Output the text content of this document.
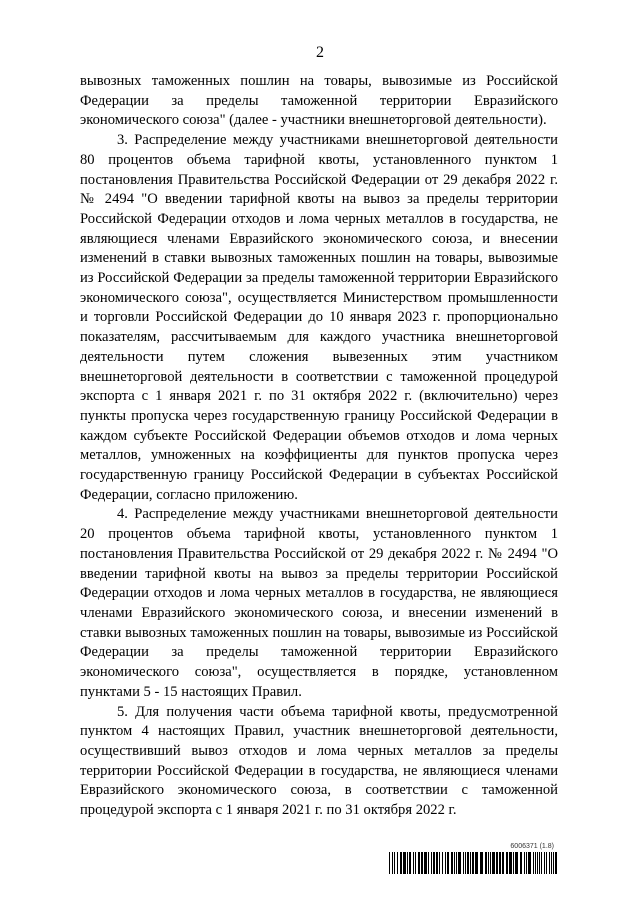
2

вывозных таможенных пошлин на товары, вывозимые из Российской Федерации за пределы таможенной территории Евразийского экономического союза" (далее - участники внешнеторговой деятельности).

3. Распределение между участниками внешнеторговой деятельности 80 процентов объема тарифной квоты, установленного пунктом 1 постановления Правительства Российской Федерации от 29 декабря 2022 г. № 2494 "О введении тарифной квоты на вывоз за пределы территории Российской Федерации отходов и лома черных металлов в государства, не являющиеся членами Евразийского экономического союза, и внесении изменений в ставки вывозных таможенных пошлин на товары, вывозимые из Российской Федерации за пределы таможенной территории Евразийского экономического союза", осуществляется Министерством промышленности и торговли Российской Федерации до 10 января 2023 г. пропорционально показателям, рассчитываемым для каждого участника внешнеторговой деятельности путем сложения вывезенных этим участником внешнеторговой деятельности в соответствии с таможенной процедурой экспорта с 1 января 2021 г. по 31 октября 2022 г. (включительно) через пункты пропуска через государственную границу Российской Федерации в каждом субъекте Российской Федерации объемов отходов и лома черных металлов, умноженных на коэффициенты для пунктов пропуска через государственную границу Российской Федерации в субъектах Российской Федерации, согласно приложению.

4. Распределение между участниками внешнеторговой деятельности 20 процентов объема тарифной квоты, установленного пунктом 1 постановления Правительства Российской от 29 декабря 2022 г. № 2494 "О введении тарифной квоты на вывоз за пределы территории Российской Федерации отходов и лома черных металлов в государства, не являющиеся членами Евразийского экономического союза, и внесении изменений в ставки вывозных таможенных пошлин на товары, вывозимые из Российской Федерации за пределы таможенной территории Евразийского экономического союза", осуществляется в порядке, установленном пунктами 5 - 15 настоящих Правил.

5. Для получения части объема тарифной квоты, предусмотренной пунктом 4 настоящих Правил, участник внешнеторговой деятельности, осуществивший вывоз отходов и лома черных металлов за пределы территории Российской Федерации в государства, не являющиеся членами Евразийского экономического союза, в соответствии с таможенной процедурой экспорта с 1 января 2021 г. по 31 октября 2022 г.

6006371 (1.8)
